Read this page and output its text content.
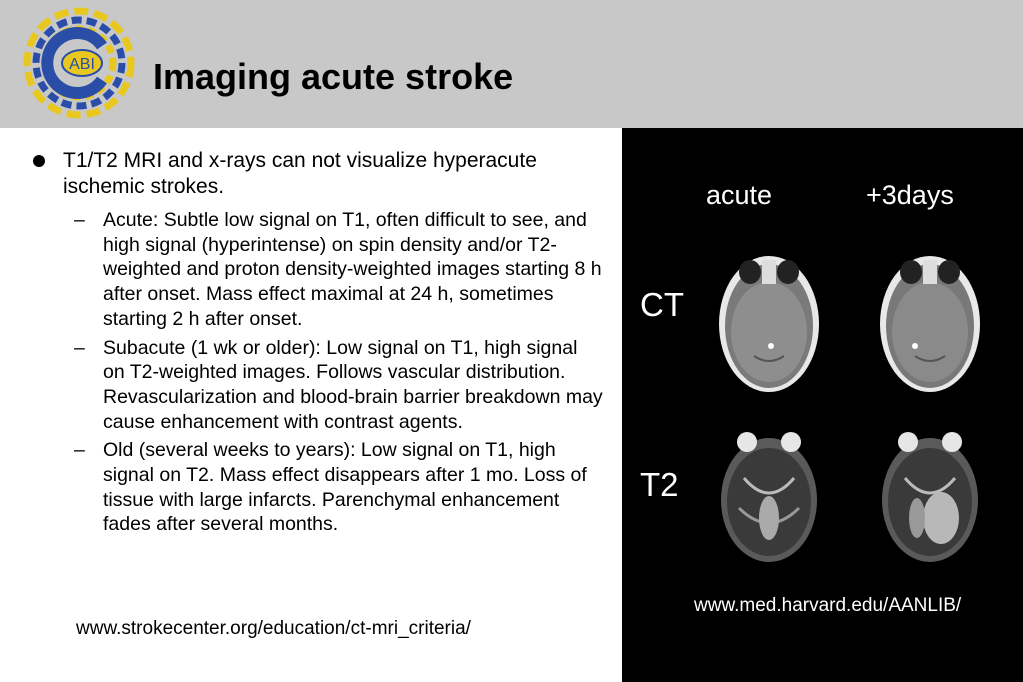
ABI Imaging acute stroke
T1/T2 MRI and x-rays can not visualize hyperacute ischemic strokes.
– Acute: Subtle low signal on T1, often difficult to see, and high signal (hyperintense) on spin density and/or T2-weighted and proton density-weighted images starting 8 h after onset. Mass effect maximal at 24 h, sometimes starting 2 h after onset.
– Subacute (1 wk or older): Low signal on T1, high signal on T2-weighted images. Follows vascular distribution. Revascularization and blood-brain barrier breakdown may cause enhancement with contrast agents.
– Old (several weeks to years): Low signal on T1, high signal on T2. Mass effect disappears after 1 mo. Loss of tissue with large infarcts. Parenchymal enhancement fades after several months.
www.strokecenter.org/education/ct-mri_criteria/
acute	+3days
CT
T2
www.med.harvard.edu/AANLIB/
